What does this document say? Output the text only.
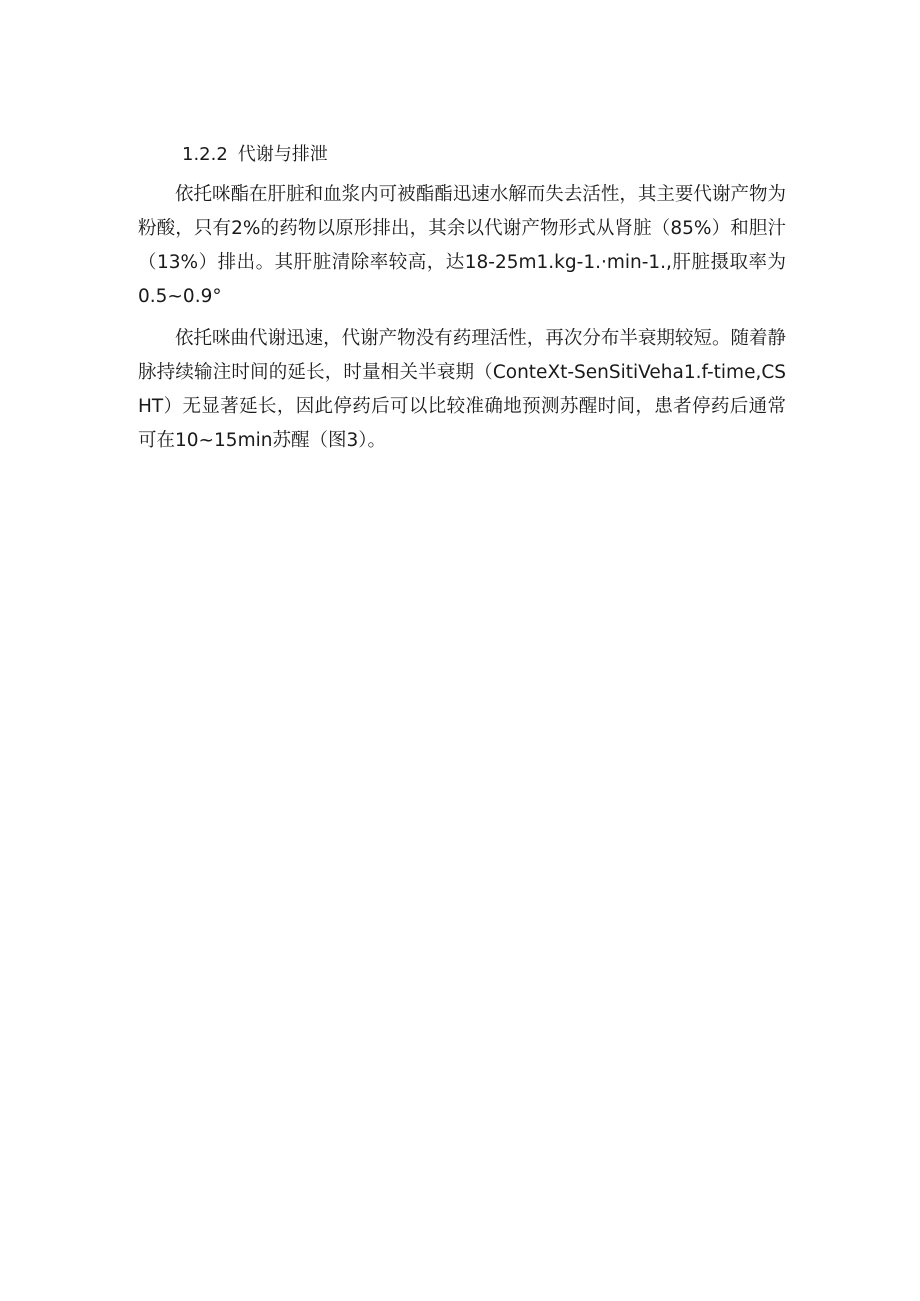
1.2.2 代谢与排泄

依托咪酯在肝脏和血浆内可被酯酯迅速水解而失去活性，其主要代谢产物为粉酸，只有2%的药物以原形排出，其余以代谢产物形式从肾脏（85%）和胆汁（13%）排出。其肝脏清除率较高，达18-25m1.kg-1.·min-1.,肝脏摄取率为0.5~0.9°

依托咪曲代谢迅速，代谢产物没有药理活性，再次分布半衰期较短。随着静脉持续输注时间的延长，时量相关半衰期（ConteXt-SenSitiVeha1.f-time,CSHT）无显著延长，因此停药后可以比较准确地预测苏醒时间，患者停药后通常可在10~15min苏醒（图3）。
